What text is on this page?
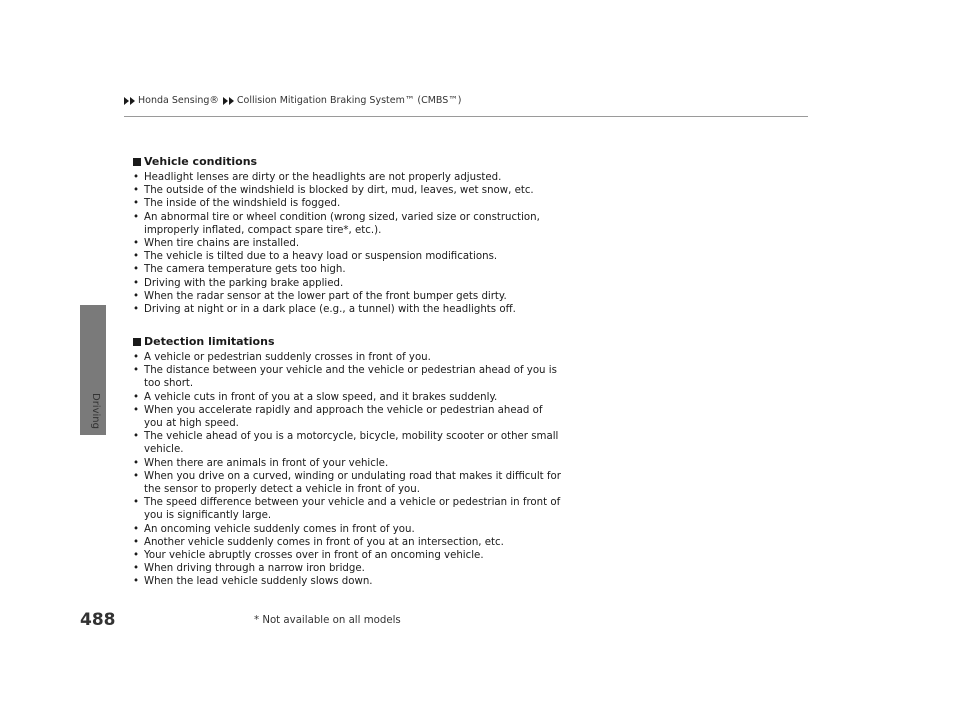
Honda Sensing® Collision Mitigation Braking System™ (CMBS™)
Driving
Vehicle conditions
• Headlight lenses are dirty or the headlights are not properly adjusted.
• The outside of the windshield is blocked by dirt, mud, leaves, wet snow, etc.
• The inside of the windshield is fogged.
• An abnormal tire or wheel condition (wrong sized, varied size or construction, improperly inflated, compact spare tire*, etc.).
• When tire chains are installed.
• The vehicle is tilted due to a heavy load or suspension modifications.
• The camera temperature gets too high.
• Driving with the parking brake applied.
• When the radar sensor at the lower part of the front bumper gets dirty.
• Driving at night or in a dark place (e.g., a tunnel) with the headlights off.
Detection limitations
• A vehicle or pedestrian suddenly crosses in front of you.
• The distance between your vehicle and the vehicle or pedestrian ahead of you is too short.
• A vehicle cuts in front of you at a slow speed, and it brakes suddenly.
• When you accelerate rapidly and approach the vehicle or pedestrian ahead of you at high speed.
• The vehicle ahead of you is a motorcycle, bicycle, mobility scooter or other small vehicle.
• When there are animals in front of your vehicle.
• When you drive on a curved, winding or undulating road that makes it difficult for the sensor to properly detect a vehicle in front of you.
• The speed difference between your vehicle and a vehicle or pedestrian in front of you is significantly large.
• An oncoming vehicle suddenly comes in front of you.
• Another vehicle suddenly comes in front of you at an intersection, etc.
• Your vehicle abruptly crosses over in front of an oncoming vehicle.
• When driving through a narrow iron bridge.
• When the lead vehicle suddenly slows down.
488	* Not available on all models
